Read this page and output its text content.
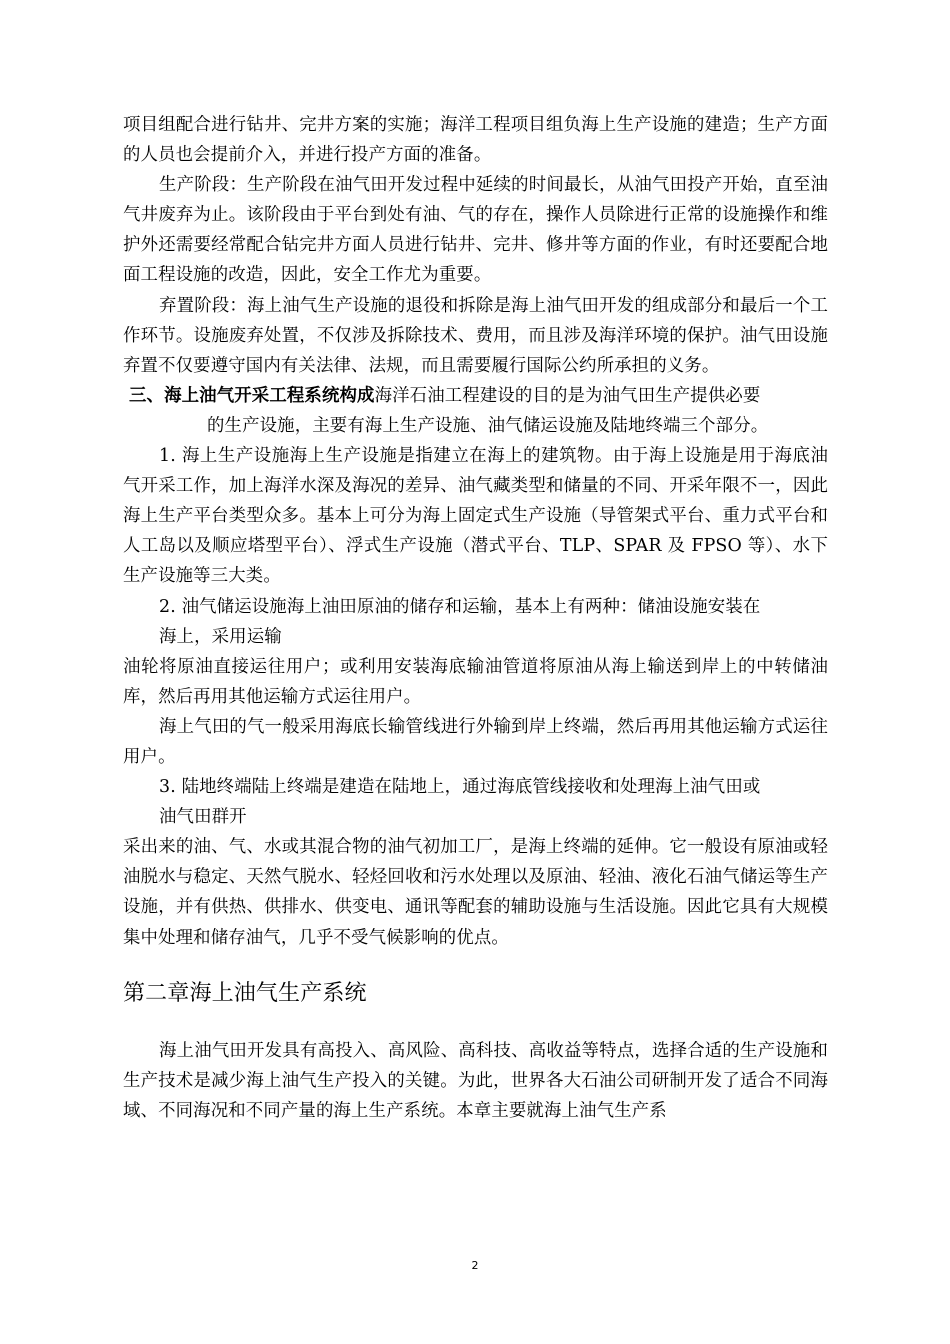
项目组配合进行钻井、完井方案的实施；海洋工程项目组负海上生产设施的建造；生产方面的人员也会提前介入，并进行投产方面的准备。

生产阶段：生产阶段在油气田开发过程中延续的时间最长，从油气田投产开始，直至油气井废弃为止。该阶段由于平台到处有油、气的存在，操作人员除进行正常的设施操作和维护外还需要经常配合钻完井方面人员进行钻井、完井、修井等方面的作业，有时还要配合地面工程设施的改造，因此，安全工作尤为重要。

弃置阶段：海上油气生产设施的退役和拆除是海上油气田开发的组成部分和最后一个工作环节。设施废弃处置，不仅涉及拆除技术、费用，而且涉及海洋环境的保护。油气田设施弃置不仅要遵守国内有关法律、法规，而且需要履行国际公约所承担的义务。

三、海上油气开采工程系统构成海洋石油工程建设的目的是为油气田生产提供必要
的生产设施，主要有海上生产设施、油气储运设施及陆地终端三个部分。

1. 海上生产设施海上生产设施是指建立在海上的建筑物。由于海上设施是用于海底油气开采工作，加上海洋水深及海况的差异、油气藏类型和储量的不同、开采年限不一，因此海上生产平台类型众多。基本上可分为海上固定式生产设施（导管架式平台、重力式平台和人工岛以及顺应塔型平台）、浮式生产设施（潜式平台、TLP、SPAR 及 FPSO 等）、水下生产设施等三大类。

2. 油气储运设施海上油田原油的储存和运输，基本上有两种：储油设施安装在
海上，采用运输

油轮将原油直接运往用户；或利用安装海底输油管道将原油从海上输送到岸上的中转储油库，然后再用其他运输方式运往用户。

海上气田的气一般采用海底长输管线进行外输到岸上终端，然后再用其他运输方式运往用户。

3. 陆地终端陆上终端是建造在陆地上，通过海底管线接收和处理海上油气田或
油气田群开

采出来的油、气、水或其混合物的油气初加工厂，是海上终端的延伸。它一般设有原油或轻油脱水与稳定、天然气脱水、轻烃回收和污水处理以及原油、轻油、液化石油气储运等生产设施，并有供热、供排水、供变电、通讯等配套的辅助设施与生活设施。因此它具有大规模集中处理和储存油气，几乎不受气候影响的优点。

第二章海上油气生产系统

海上油气田开发具有高投入、高风险、高科技、高收益等特点，选择合适的生产设施和生产技术是减少海上油气生产投入的关键。为此，世界各大石油公司研制开发了适合不同海域、不同海况和不同产量的海上生产系统。本章主要就海上油气生产系

2
